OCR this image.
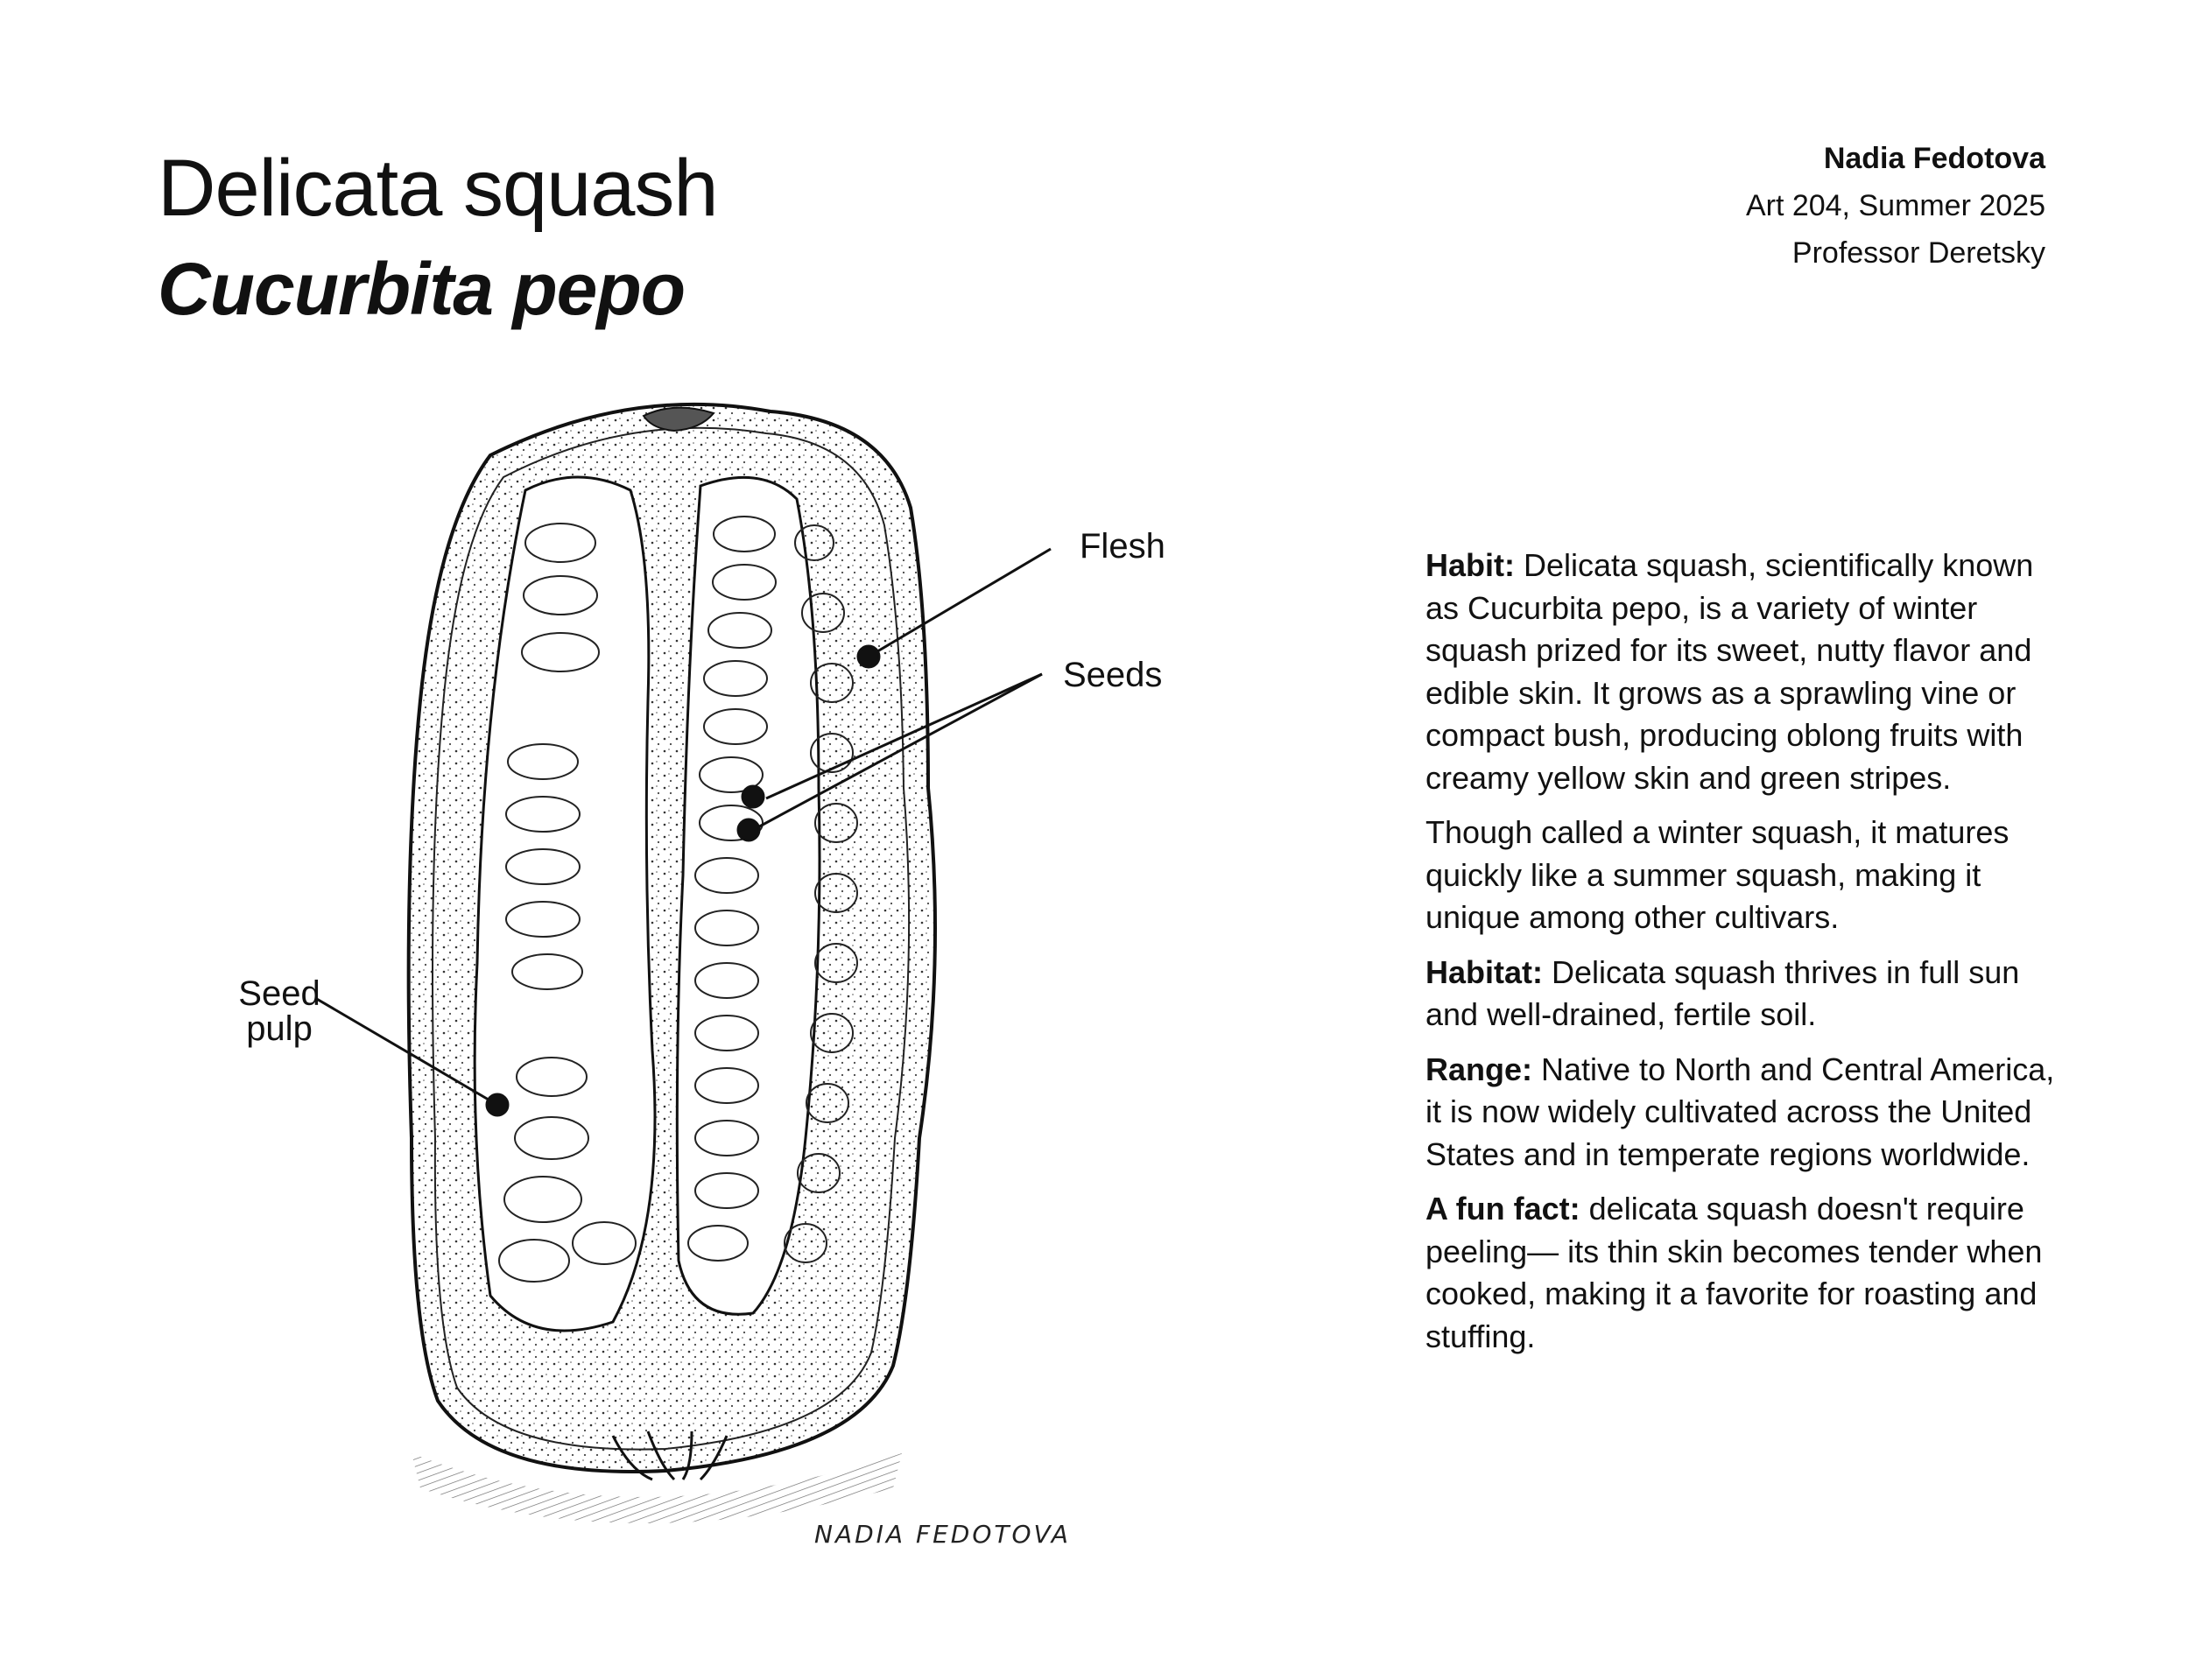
Delicata squash
Cucurbita pepo
Nadia Fedotova
Art 204, Summer 2025
Professor Deretsky
NADIA FEDOTOVA
Flesh
Seeds
Seed
pulp

Habit: Delicata squash, scientifically known as Cucurbita pepo, is a variety of winter squash prized for its sweet, nutty flavor and edible skin. It grows as a sprawling vine or compact bush, producing oblong fruits with creamy yellow skin and green stripes.

Though called a winter squash, it matures quickly like a summer squash, making it unique among other cultivars.

Habitat: Delicata squash thrives in full sun and well-drained, fertile soil.

Range: Native to North and Central America, it is now widely cultivated across the United States and in temperate regions worldwide.

A fun fact: delicata squash doesn't require peeling— its thin skin becomes tender when cooked, making it a favorite for roasting and stuffing.
